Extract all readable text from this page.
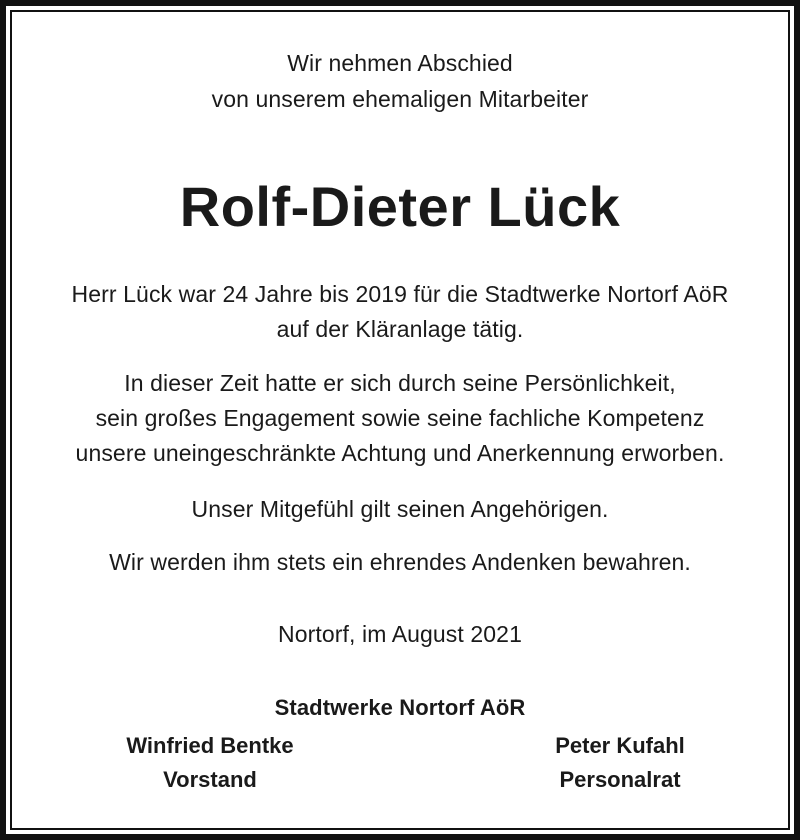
Wir nehmen Abschied
von unserem ehemaligen Mitarbeiter
Rolf-Dieter Lück
Herr Lück war 24 Jahre bis 2019 für die Stadtwerke Nortorf AöR
auf der Kläranlage tätig.
In dieser Zeit hatte er sich durch seine Persönlichkeit,
sein großes Engagement sowie seine fachliche Kompetenz
unsere uneingeschränkte Achtung und Anerkennung erworben.
Unser Mitgefühl gilt seinen Angehörigen.
Wir werden ihm stets ein ehrendes Andenken bewahren.
Nortorf, im August 2021
Stadtwerke Nortorf AöR
Winfried Bentke
Vorstand
Peter Kufahl
Personalrat
